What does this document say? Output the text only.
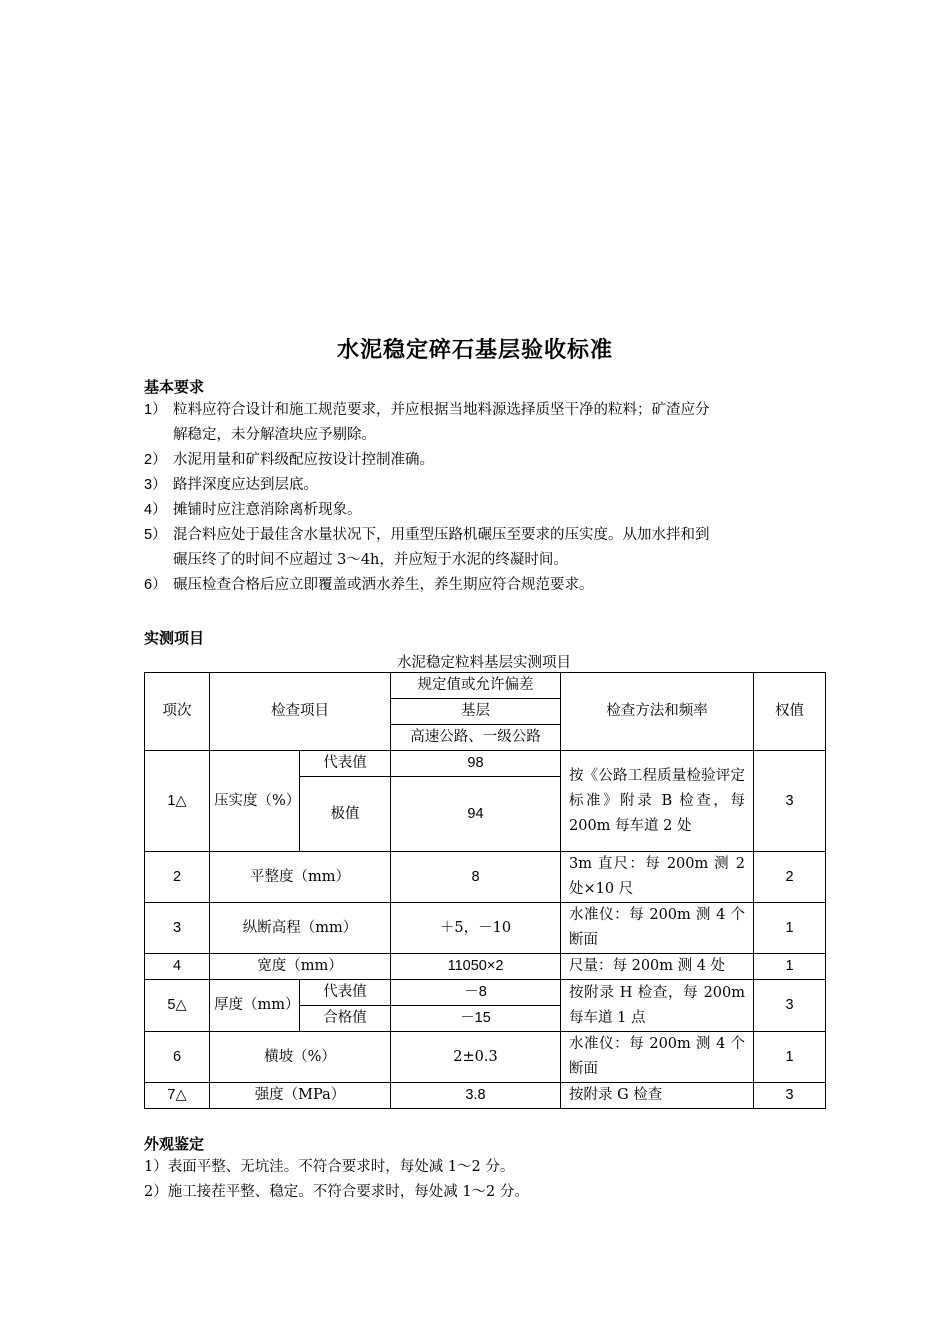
水泥稳定碎石基层验收标准
基本要求
1） 粒料应符合设计和施工规范要求，并应根据当地料源选择质坚干净的粒料；矿渣应分
解稳定，未分解渣块应予剔除。
2） 水泥用量和矿料级配应按设计控制准确。
3） 路拌深度应达到层底。
4） 摊铺时应注意消除离析现象。
5） 混合料应处于最佳含水量状况下，用重型压路机碾压至要求的压实度。从加水拌和到
碾压终了的时间不应超过 3～4h，并应短于水泥的终凝时间。
6） 碾压检查合格后应立即覆盖或洒水养生，养生期应符合规范要求。
实测项目
水泥稳定粒料基层实测项目
项次	检查项目		规定值或允许偏差	检查方法和频率	权值
			基层		
			高速公路、一级公路		
1△	压实度（%）	代表值	98	按《公路工程质量检验评定标准》附录 B 检查，每 200m 每车道 2 处	3
		极值	94		
2	平整度（mm）		8	3m 直尺：每 200m 测 2 处×10 尺	2
3	纵断高程（mm）		＋5，－10	水准仪：每 200m 测 4 个断面	1
4	宽度（mm）		11050×2	尺量：每 200m 测 4 处	1
5△	厚度（mm）	代表值	－8	按附录 H 检查，每 200m 每车道 1 点	3
		合格值	－15		
6	横坡（%）		2±0.3	水准仪：每 200m 测 4 个断面	1
7△	强度（MPa）		3.8	按附录 G 检查	3
外观鉴定
1）表面平整、无坑洼。不符合要求时，每处减 1～2 分。
2）施工接茬平整、稳定。不符合要求时，每处减 1～2 分。
